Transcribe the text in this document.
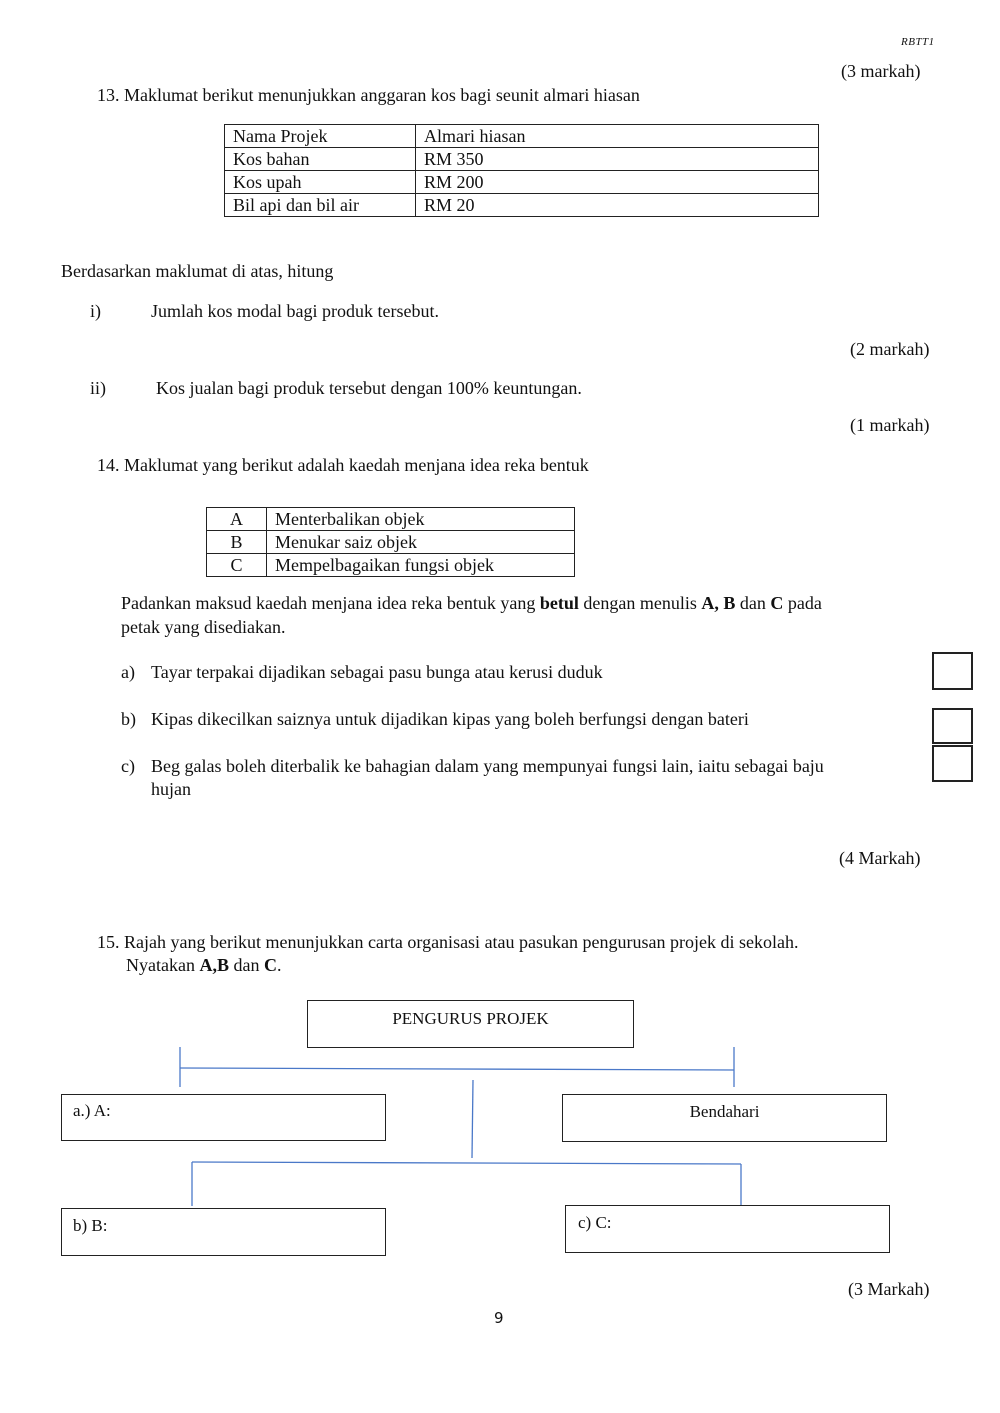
RBTT1
(3 markah)
13. Maklumat berikut menunjukkan anggaran kos bagi seunit almari hiasan
Nama Projek	Almari hiasan
Kos bahan	RM 350
Kos upah	RM 200
Bil api dan bil air	RM 20
Berdasarkan maklumat di atas, hitung
i)	Jumlah kos modal bagi produk tersebut.
(2 markah)
ii)	Kos jualan bagi produk tersebut dengan 100% keuntungan.
(1 markah)
14. Maklumat yang berikut adalah kaedah menjana idea reka bentuk
A	Menterbalikan objek
B	Menukar saiz objek
C	Mempelbagaikan fungsi objek
Padankan maksud kaedah menjana idea reka bentuk yang betul dengan menulis A, B dan C pada
petak yang disediakan.
a) Tayar terpakai dijadikan sebagai pasu bunga atau kerusi duduk
b) Kipas dikecilkan saiznya untuk dijadikan kipas yang boleh berfungsi dengan bateri
c) Beg galas boleh diterbalik ke bahagian dalam yang mempunyai fungsi lain, iaitu sebagai baju
hujan
(4 Markah)
15. Rajah yang berikut menunjukkan carta organisasi atau pasukan pengurusan projek di sekolah.
Nyatakan A,B dan C.
PENGURUS PROJEK
a.) A:	Bendahari
b) B:	c) C:
(3 Markah)
9
